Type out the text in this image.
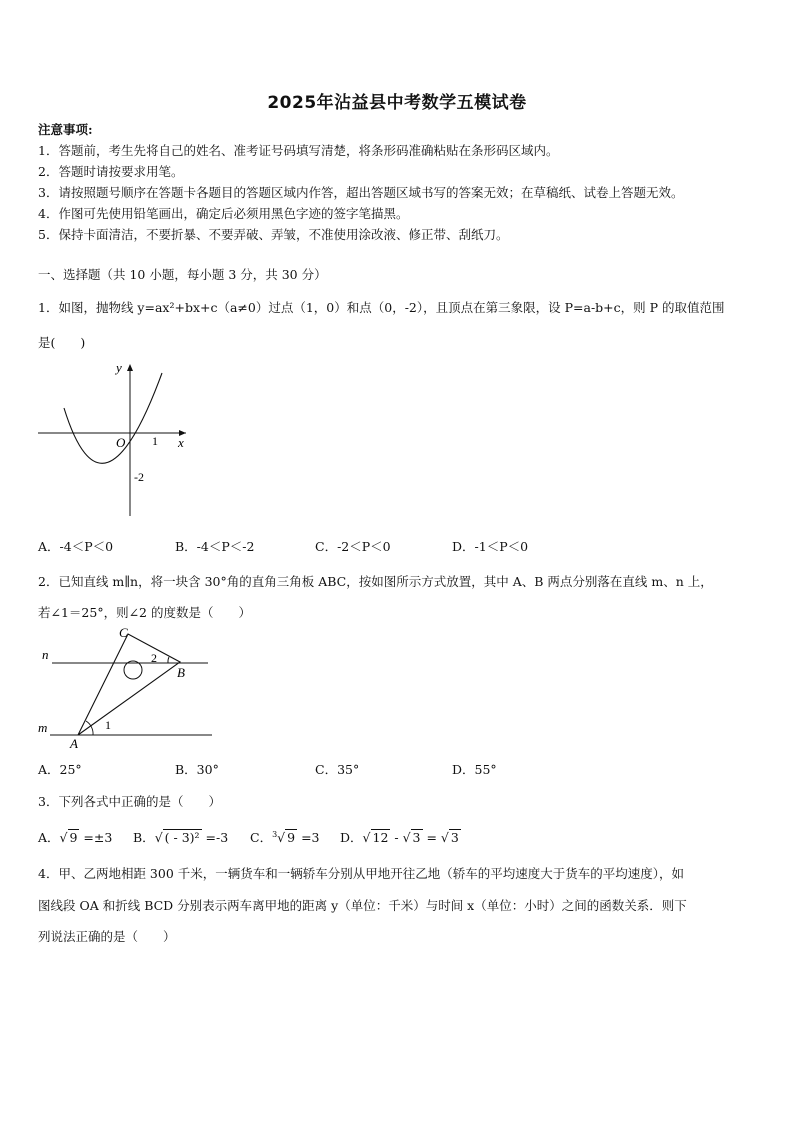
2025年沾益县中考数学五模试卷
注意事项:
1．答题前，考生先将自己的姓名、准考证号码填写清楚，将条形码准确粘贴在条形码区域内。
2．答题时请按要求用笔。
3．请按照题号顺序在答题卡各题目的答题区域内作答，超出答题区域书写的答案无效；在草稿纸、试卷上答题无效。
4．作图可先使用铅笔画出，确定后必须用黑色字迹的签字笔描黑。
5．保持卡面清洁，不要折暴、不要弄破、弄皱，不准使用涂改液、修正带、刮纸刀。
一、选择题（共 10 小题，每小题 3 分，共 30 分）
1．如图，抛物线 y=ax²+bx+c（a≠0）过点（1，0）和点（0，-2），且顶点在第三象限，设 P=a-b+c，则 P 的取值范围
是(　　)
y
x
O 1
-2
A．-4＜P＜0	B．-4＜P＜-2	C．-2＜P＜0	D．-1＜P＜0
2．已知直线 m∥n，将一块含 30°角的直角三角板 ABC，按如图所示方式放置，其中 A、B 两点分别落在直线 m、n 上，
若∠1＝25°，则∠2 的度数是（　　）
C
n	2
B
m	1
A
A．25°	B．30°	C．35°	D．55°
3．下列各式中正确的是（　　）
A．√ 9 =±3 B．√ ( - 3)² =-3 C．$^3$√ 9 =3 D．√ 12 - √ 3 = √ 3
4．甲、乙两地相距 300 千米，一辆货车和一辆轿车分别从甲地开往乙地（轿车的平均速度大于货车的平均速度），如
图线段 OA 和折线 BCD 分别表示两车离甲地的距离 y（单位：千米）与时间 x（单位：小时）之间的函数关系．则下
列说法正确的是（　　）
